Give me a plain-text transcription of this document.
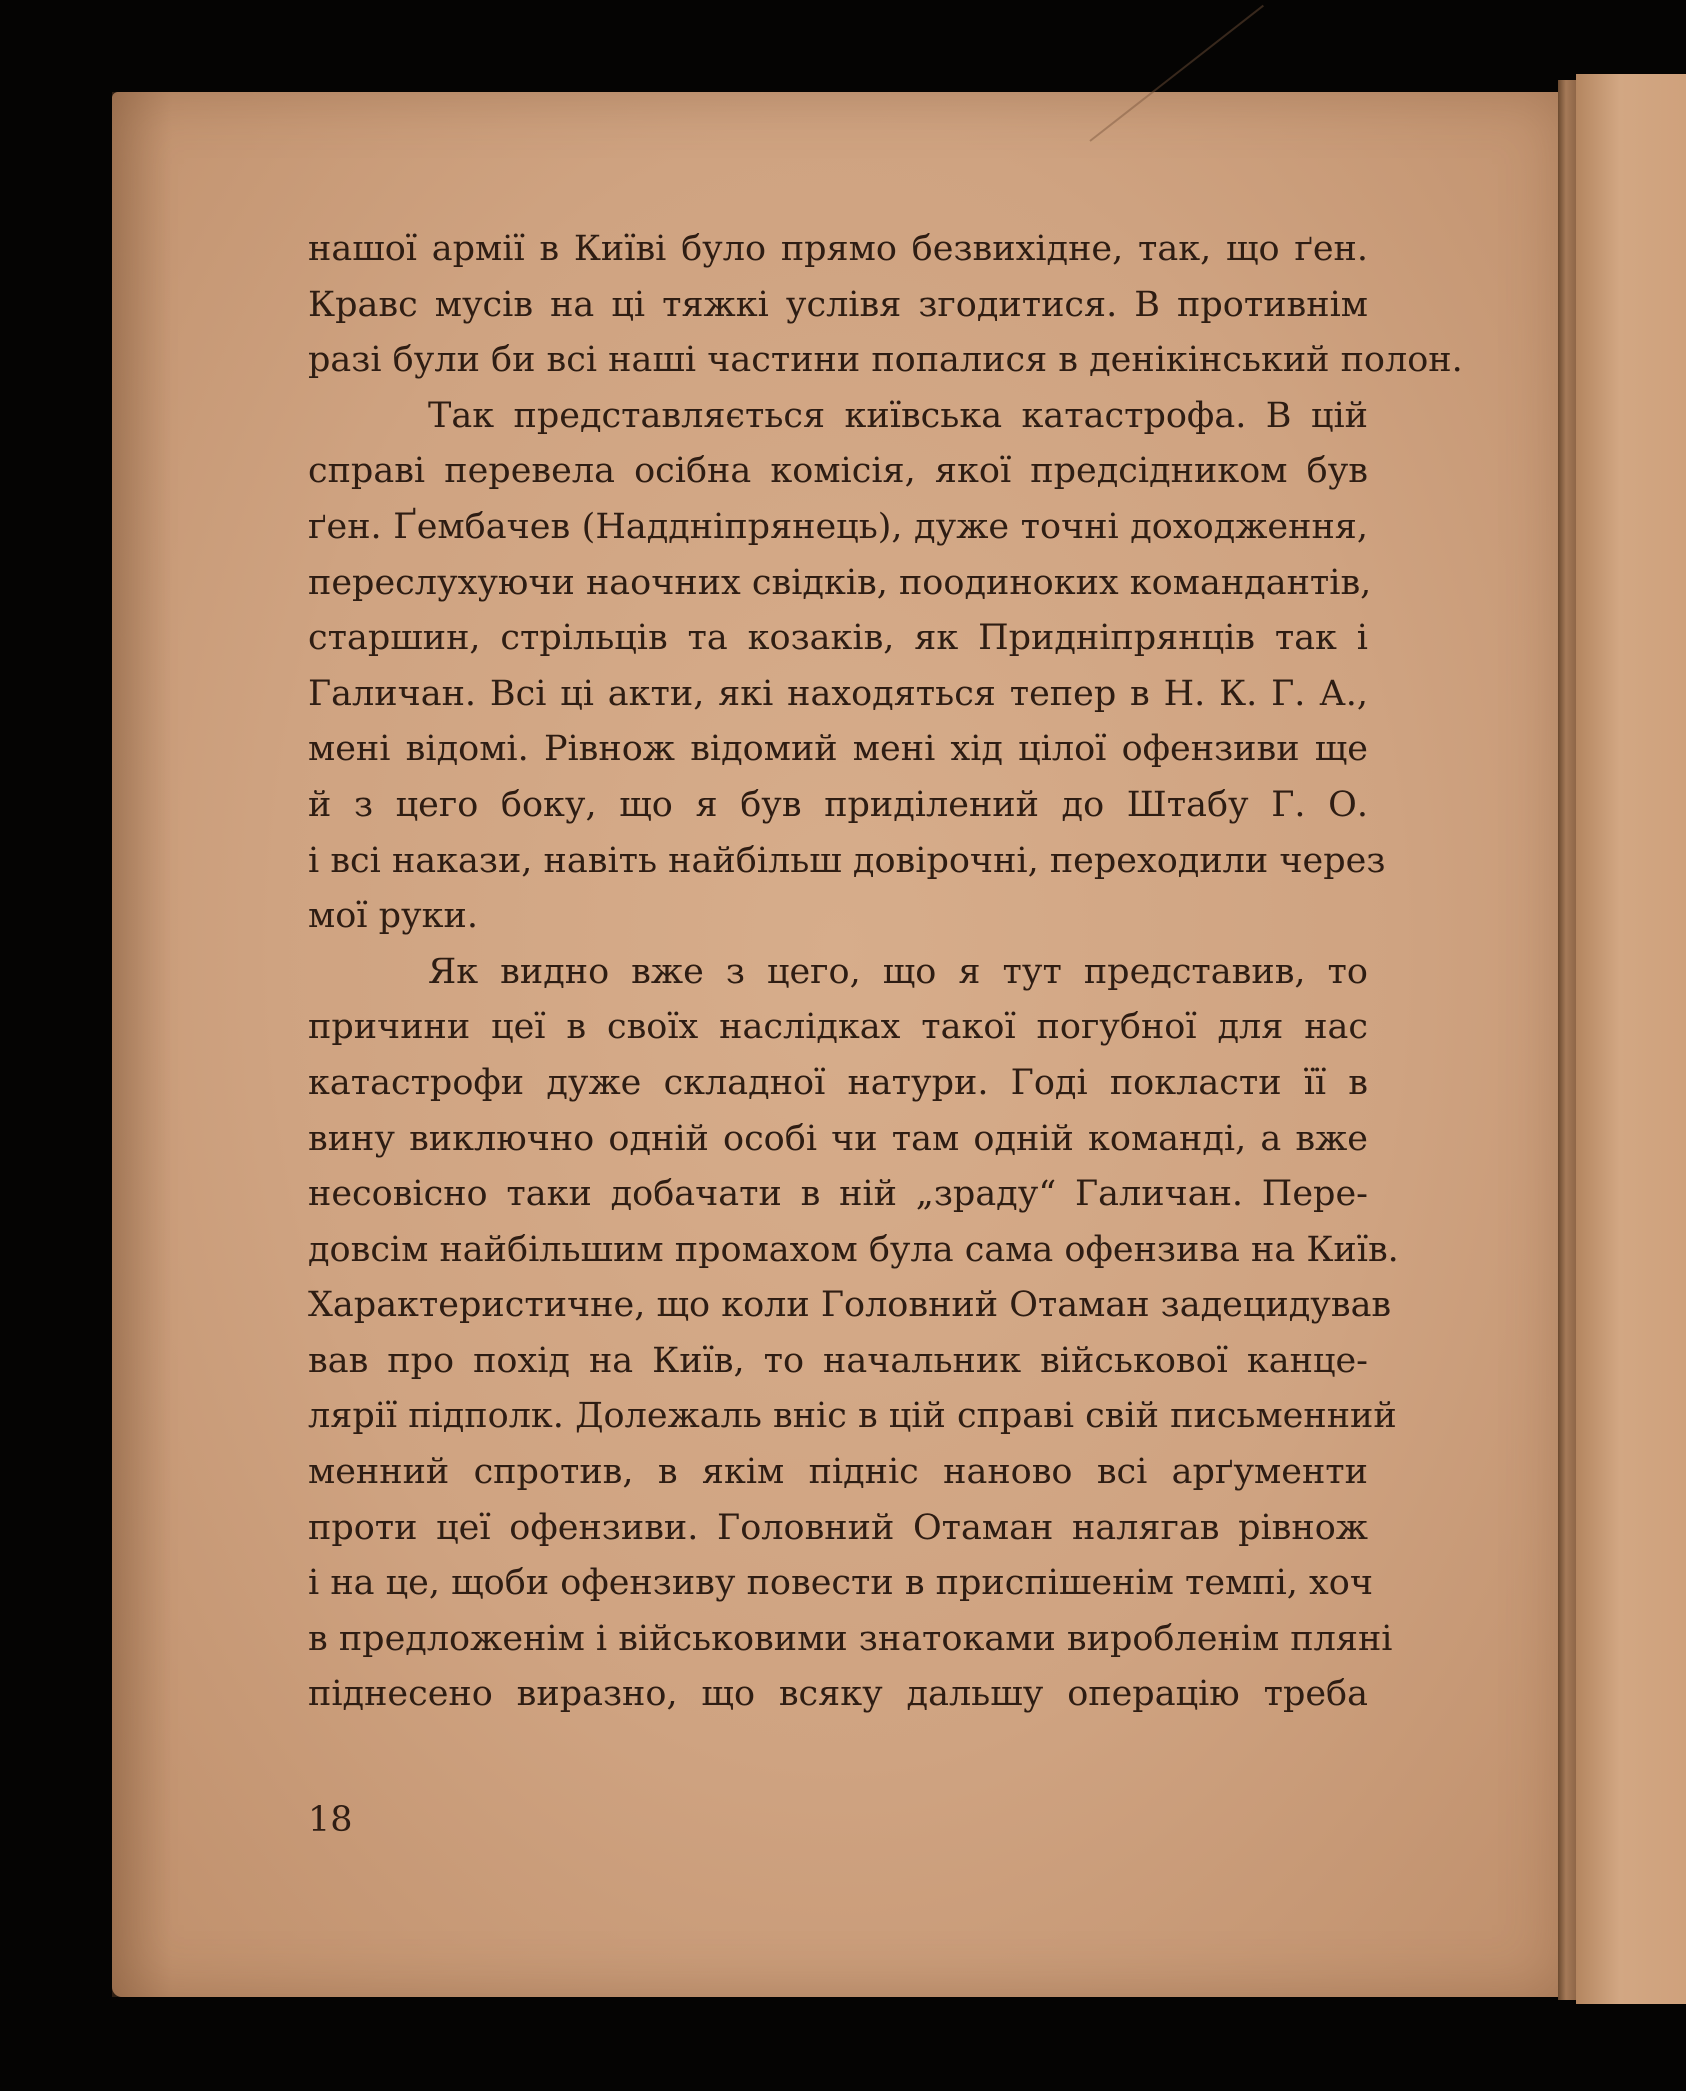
нашої армії в Київі було прямо безвихідне, так, що ґен.
Кравс мусів на ці тяжкі услівя згодитися. В противнім
разі були би всі наші частини попалися в денікінський полон.
Так представляється київська катастрофа. В цій
справі перевела осібна комісія, якої предсідником був
ґен. Ґембачев (Наддніпрянець), дуже точні доходження,
переслухуючи наочних свідків, поодиноких командантів,
старшин, стрільців та козаків, як Придніпрянців так і
Галичан. Всі ці акти, які находяться тепер в Н. К. Г. А.,
мені відомі. Рівнож відомий мені хід цілої офензиви ще
й з цего боку, що я був приділений до Штабу Г. О.
і всі накази, навіть найбільш довірочні, переходили через
мої руки.
Як видно вже з цего, що я тут представив, то
причини цеї в своїх наслідках такої погубної для нас
катастрофи дуже складної натури. Годі покласти її в
вину виключно одній особі чи там одній команді, а вже
несовісно таки добачати в ній „зраду“ Галичан. Пере-
довсім найбільшим промахом була сама офензива на Київ.
Характеристичне, що коли Головний Отаман задецидував
вав про похід на Київ, то начальник військової канце-
лярії підполк. Долежаль вніс в цій справі свій письменний
менний спротив, в якім підніс наново всі арґументи
проти цеї офензиви. Головний Отаман налягав рівнож
і на це, щоби офензиву повести в приспішенім темпі, хоч
в предложенім і військовими знатоками виробленім пляні
піднесено виразно, що всяку дальшу операцію треба
18
